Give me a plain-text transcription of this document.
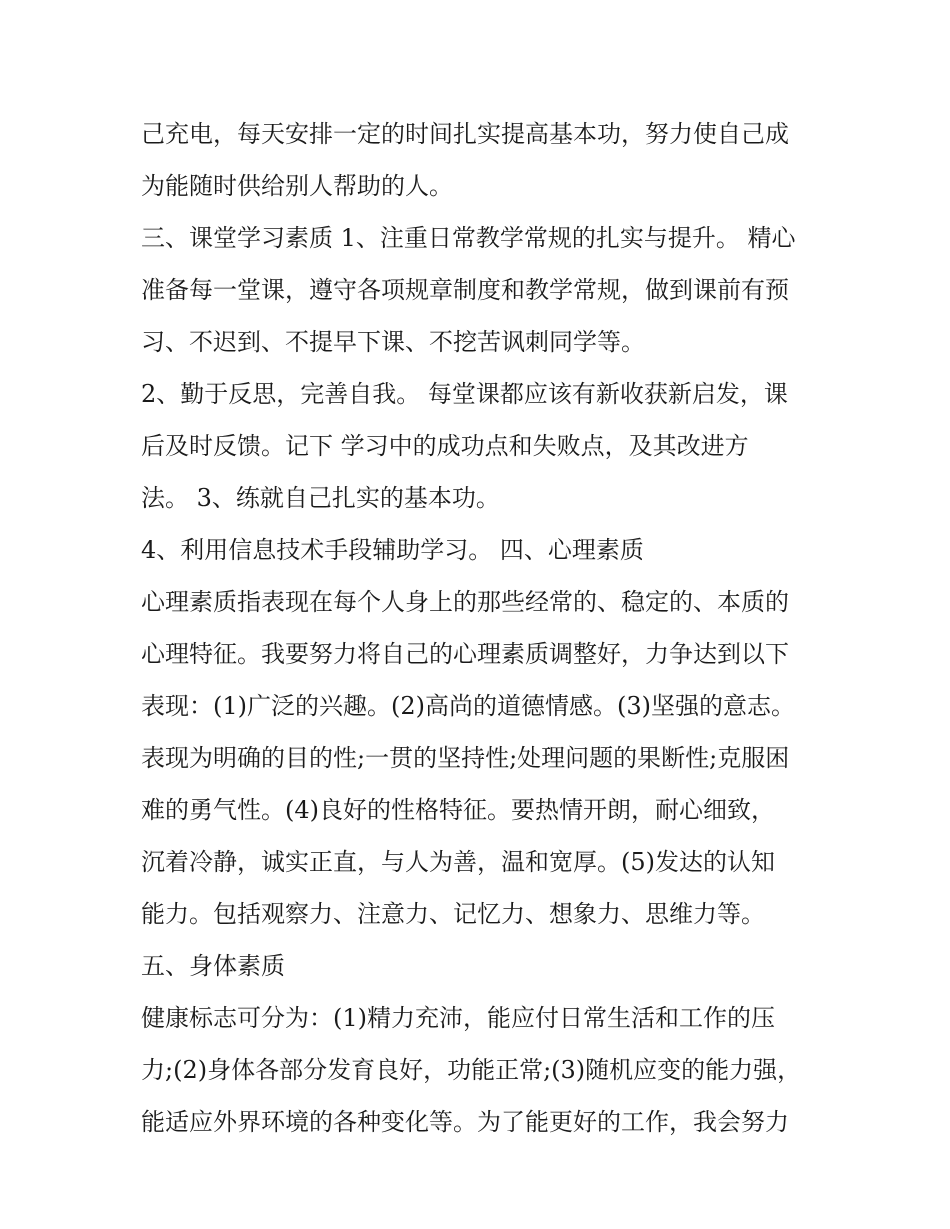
己充电，每天安排一定的时间扎实提高基本功，努力使自己成
为能随时供给别人帮助的人。
三、课堂学习素质 1、注重日常教学常规的扎实与提升。 精心
准备每一堂课，遵守各项规章制度和教学常规，做到课前有预
习、不迟到、不提早下课、不挖苦讽刺同学等。
2、勤于反思，完善自我。 每堂课都应该有新收获新启发，课
后及时反馈。记下 学习中的成功点和失败点，及其改进方
法。 3、练就自己扎实的基本功。
4、利用信息技术手段辅助学习。 四、心理素质
心理素质指表现在每个人身上的那些经常的、稳定的、本质的
心理特征。我要努力将自己的心理素质调整好，力争达到以下
表现：(1)广泛的兴趣。(2)高尚的道德情感。(3)坚强的意志。
表现为明确的目的性;一贯的坚持性;处理问题的果断性;克服困
难的勇气性。(4)良好的性格特征。要热情开朗，耐心细致，
沉着冷静，诚实正直，与人为善，温和宽厚。(5)发达的认知
能力。包括观察力、注意力、记忆力、想象力、思维力等。
五、身体素质
健康标志可分为：(1)精力充沛，能应付日常生活和工作的压
力;(2)身体各部分发育良好，功能正常;(3)随机应变的能力强，
能适应外界环境的各种变化等。为了能更好的工作，我会努力
